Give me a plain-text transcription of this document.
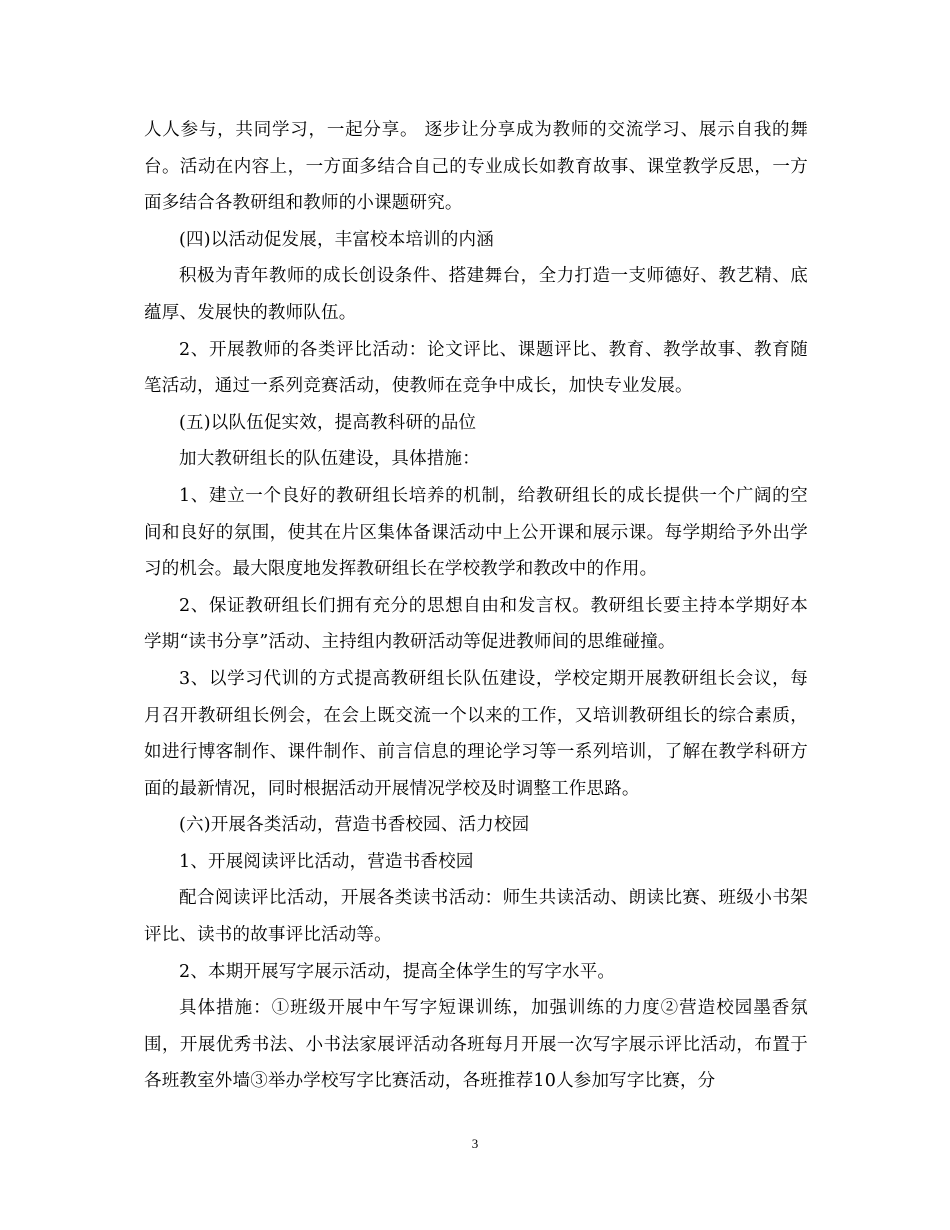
人人参与，共同学习，一起分享。 逐步让分享成为教师的交流学习、展示自我的舞台。活动在内容上，一方面多结合自己的专业成长如教育故事、课堂教学反思，一方面多结合各教研组和教师的小课题研究。

(四)以活动促发展，丰富校本培训的内涵

积极为青年教师的成长创设条件、搭建舞台，全力打造一支师德好、教艺精、底蕴厚、发展快的教师队伍。

2、开展教师的各类评比活动：论文评比、课题评比、教育、教学故事、教育随笔活动，通过一系列竞赛活动，使教师在竞争中成长，加快专业发展。

(五)以队伍促实效，提高教科研的品位

加大教研组长的队伍建设，具体措施：

1、建立一个良好的教研组长培养的机制，给教研组长的成长提供一个广阔的空间和良好的氛围，使其在片区集体备课活动中上公开课和展示课。每学期给予外出学习的机会。最大限度地发挥教研组长在学校教学和教改中的作用。

2、保证教研组长们拥有充分的思想自由和发言权。教研组长要主持本学期好本学期“读书分享”活动、主持组内教研活动等促进教师间的思维碰撞。

3、以学习代训的方式提高教研组长队伍建设，学校定期开展教研组长会议，每月召开教研组长例会，在会上既交流一个以来的工作，又培训教研组长的综合素质，如进行博客制作、课件制作、前言信息的理论学习等一系列培训，了解在教学科研方面的最新情况，同时根据活动开展情况学校及时调整工作思路。

(六)开展各类活动，营造书香校园、活力校园

1、开展阅读评比活动，营造书香校园

配合阅读评比活动，开展各类读书活动：师生共读活动、朗读比赛、班级小书架评比、读书的故事评比活动等。

2、本期开展写字展示活动，提高全体学生的写字水平。

具体措施：①班级开展中午写字短课训练，加强训练的力度②营造校园墨香氛围，开展优秀书法、小书法家展评活动各班每月开展一次写字展示评比活动，布置于各班教室外墙③举办学校写字比赛活动，各班推荐10人参加写字比赛，分

3
